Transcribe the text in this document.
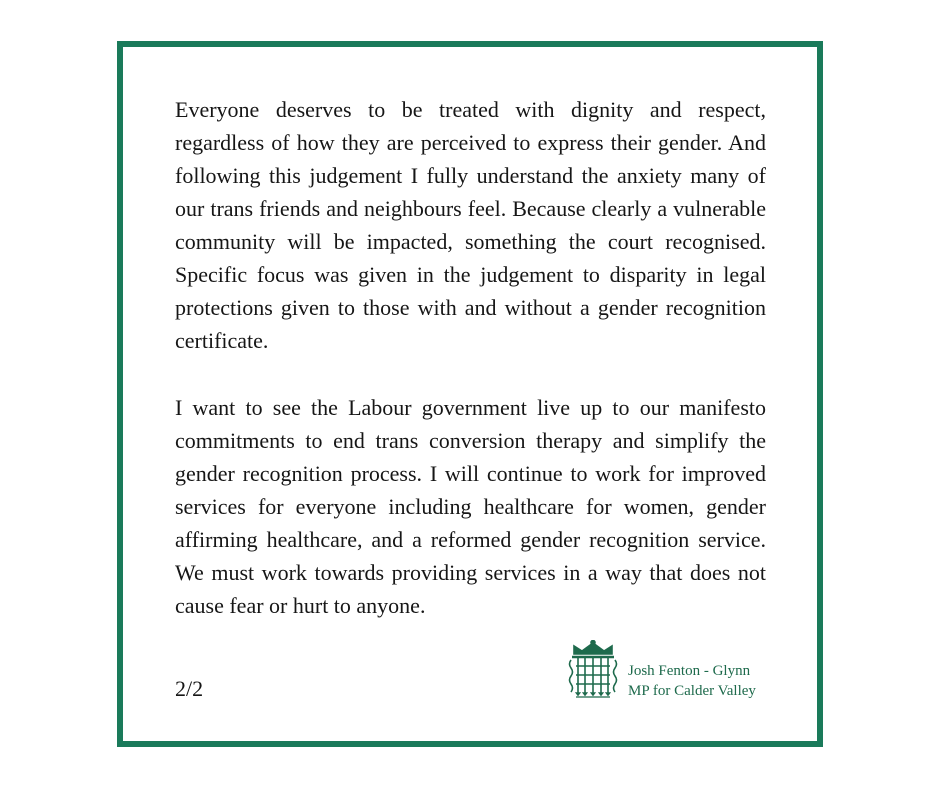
Everyone deserves to be treated with dignity and respect, regardless of how they are perceived to express their gender. And following this judgement I fully understand the anxiety many of our trans friends and neighbours feel. Because clearly a vulnerable community will be impacted, something the court recognised. Specific focus was given in the judgement to disparity in legal protections given to those with and without a gender recognition certificate.

I want to see the Labour government live up to our manifesto commitments to end trans conversion therapy and simplify the gender recognition process. I will continue to work for improved services for everyone including healthcare for women, gender affirming healthcare, and a reformed gender recognition service. We must work towards providing services in a way that does not cause fear or hurt to anyone.

2/2
Josh Fenton - Glynn
MP for Calder Valley
